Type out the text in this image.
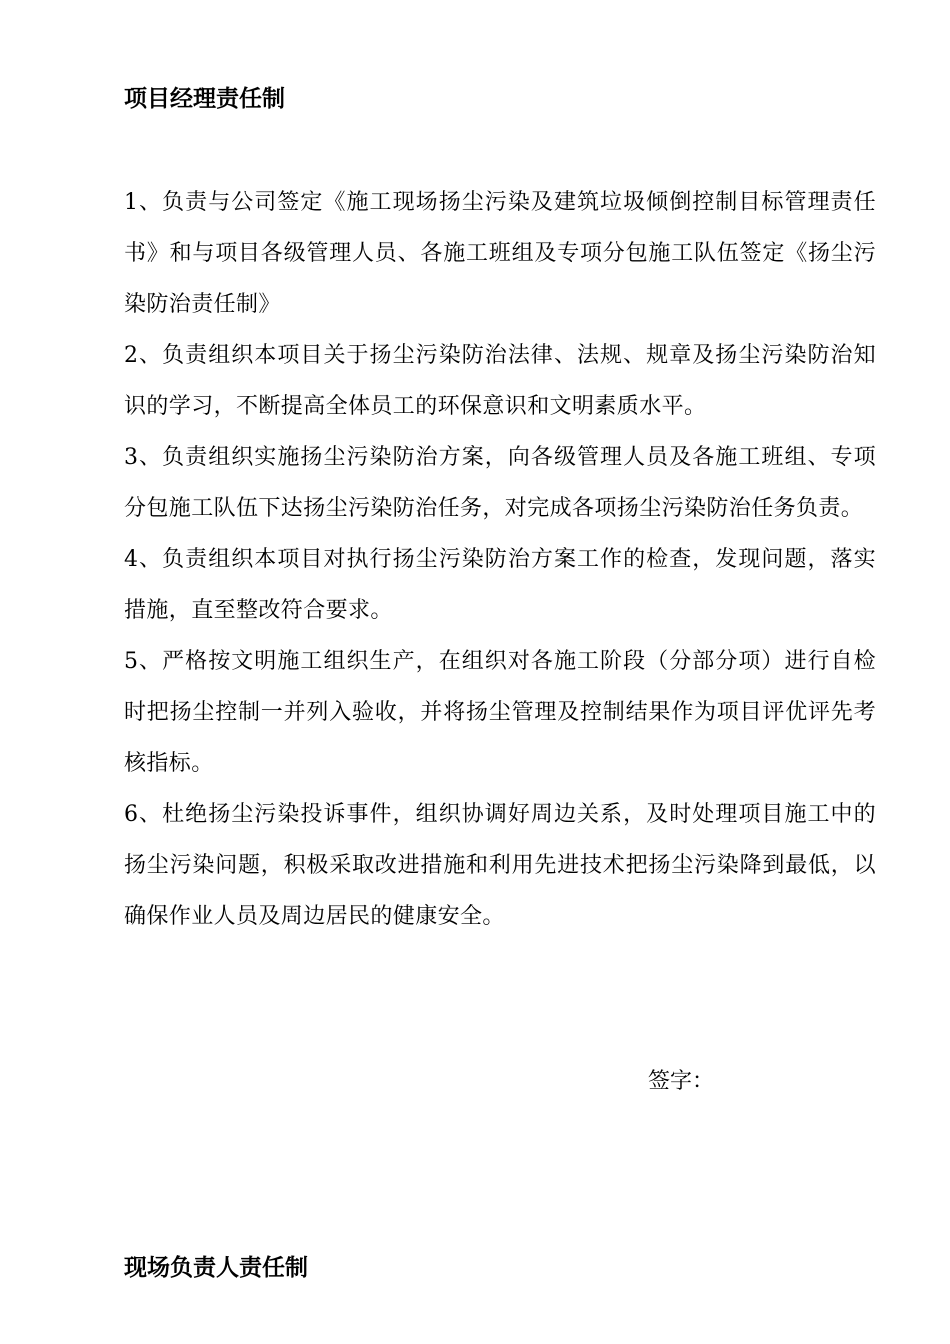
项目经理责任制

1、负责与公司签定《施工现场扬尘污染及建筑垃圾倾倒控制目标管理责任书》和与项目各级管理人员、各施工班组及专项分包施工队伍签定《扬尘污染防治责任制》

2、负责组织本项目关于扬尘污染防治法律、法规、规章及扬尘污染防治知识的学习，不断提高全体员工的环保意识和文明素质水平。

3、负责组织实施扬尘污染防治方案，向各级管理人员及各施工班组、专项分包施工队伍下达扬尘污染防治任务，对完成各项扬尘污染防治任务负责。

4、负责组织本项目对执行扬尘污染防治方案工作的检查，发现问题，落实措施，直至整改符合要求。

5、严格按文明施工组织生产，在组织对各施工阶段（分部分项）进行自检时把扬尘控制一并列入验收，并将扬尘管理及控制结果作为项目评优评先考核指标。

6、杜绝扬尘污染投诉事件，组织协调好周边关系，及时处理项目施工中的扬尘污染问题，积极采取改进措施和利用先进技术把扬尘污染降到最低，以确保作业人员及周边居民的健康安全。

签字：
现场负责人责任制
